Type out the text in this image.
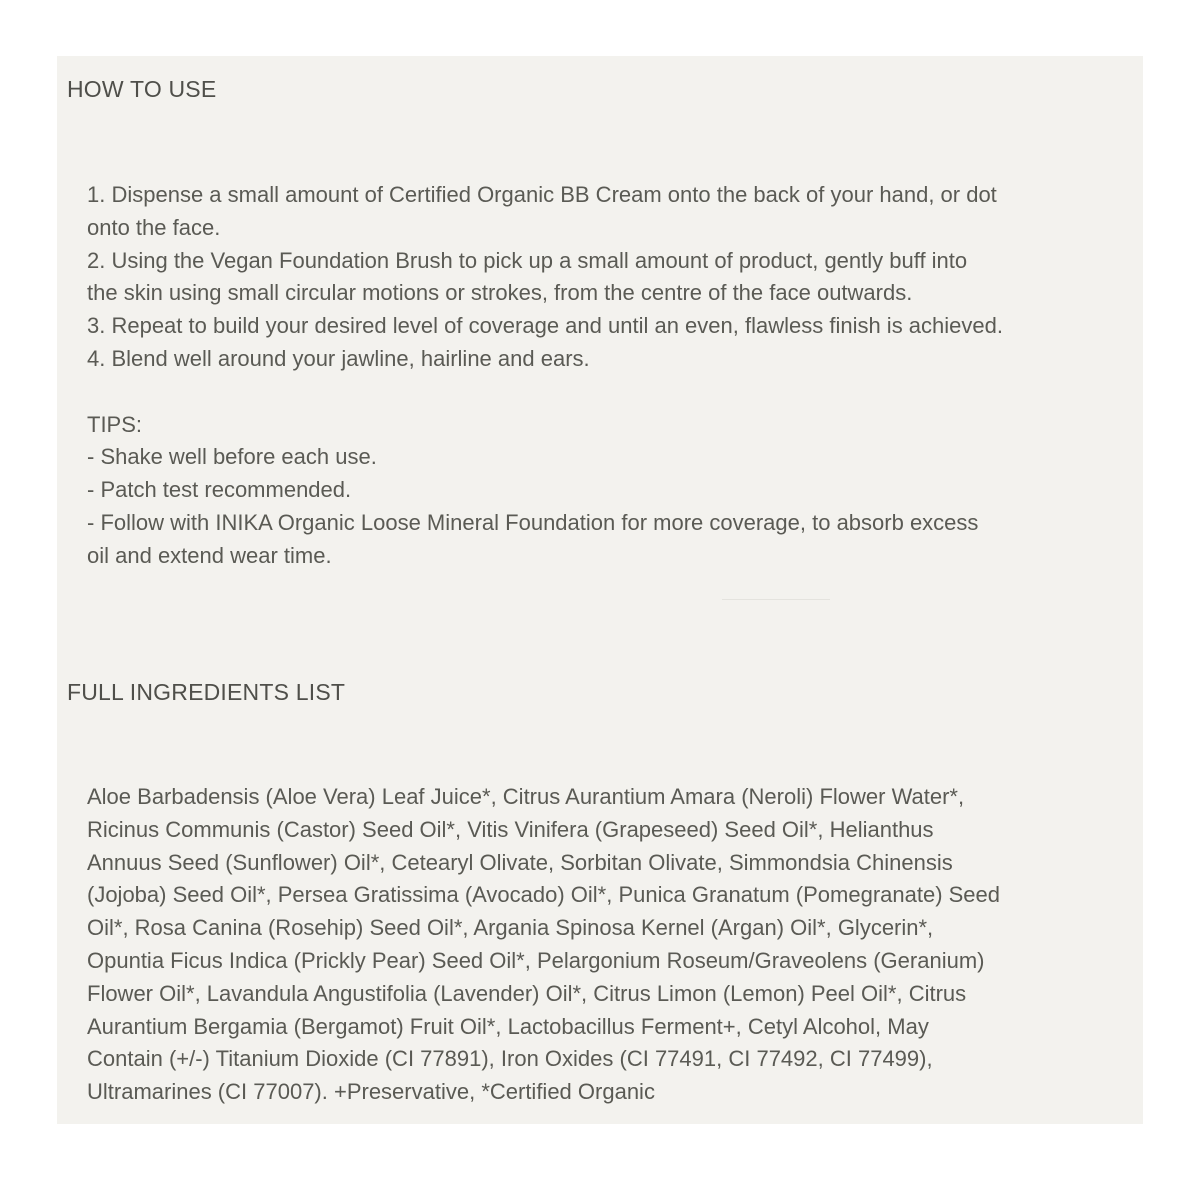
HOW TO USE
1. Dispense a small amount of Certified Organic BB Cream onto the back of your hand, or dot
onto the face.
2. Using the Vegan Foundation Brush to pick up a small amount of product, gently buff into
the skin using small circular motions or strokes, from the centre of the face outwards.
3. Repeat to build your desired level of coverage and until an even, flawless finish is achieved.
4. Blend well around your jawline, hairline and ears.
TIPS:
- Shake well before each use.
- Patch test recommended.
- Follow with INIKA Organic Loose Mineral Foundation for more coverage, to absorb excess
oil and extend wear time.
FULL INGREDIENTS LIST
Aloe Barbadensis (Aloe Vera) Leaf Juice*, Citrus Aurantium Amara (Neroli) Flower Water*,
Ricinus Communis (Castor) Seed Oil*, Vitis Vinifera (Grapeseed) Seed Oil*, Helianthus
Annuus Seed (Sunflower) Oil*, Cetearyl Olivate, Sorbitan Olivate, Simmondsia Chinensis
(Jojoba) Seed Oil*, Persea Gratissima (Avocado) Oil*, Punica Granatum (Pomegranate) Seed
Oil*, Rosa Canina (Rosehip) Seed Oil*, Argania Spinosa Kernel (Argan) Oil*, Glycerin*,
Opuntia Ficus Indica (Prickly Pear) Seed Oil*, Pelargonium Roseum/Graveolens (Geranium)
Flower Oil*, Lavandula Angustifolia (Lavender) Oil*, Citrus Limon (Lemon) Peel Oil*, Citrus
Aurantium Bergamia (Bergamot) Fruit Oil*, Lactobacillus Ferment+, Cetyl Alcohol, May
Contain (+/-) Titanium Dioxide (CI 77891), Iron Oxides (CI 77491, CI 77492, CI 77499),
Ultramarines (CI 77007). +Preservative, *Certified Organic
